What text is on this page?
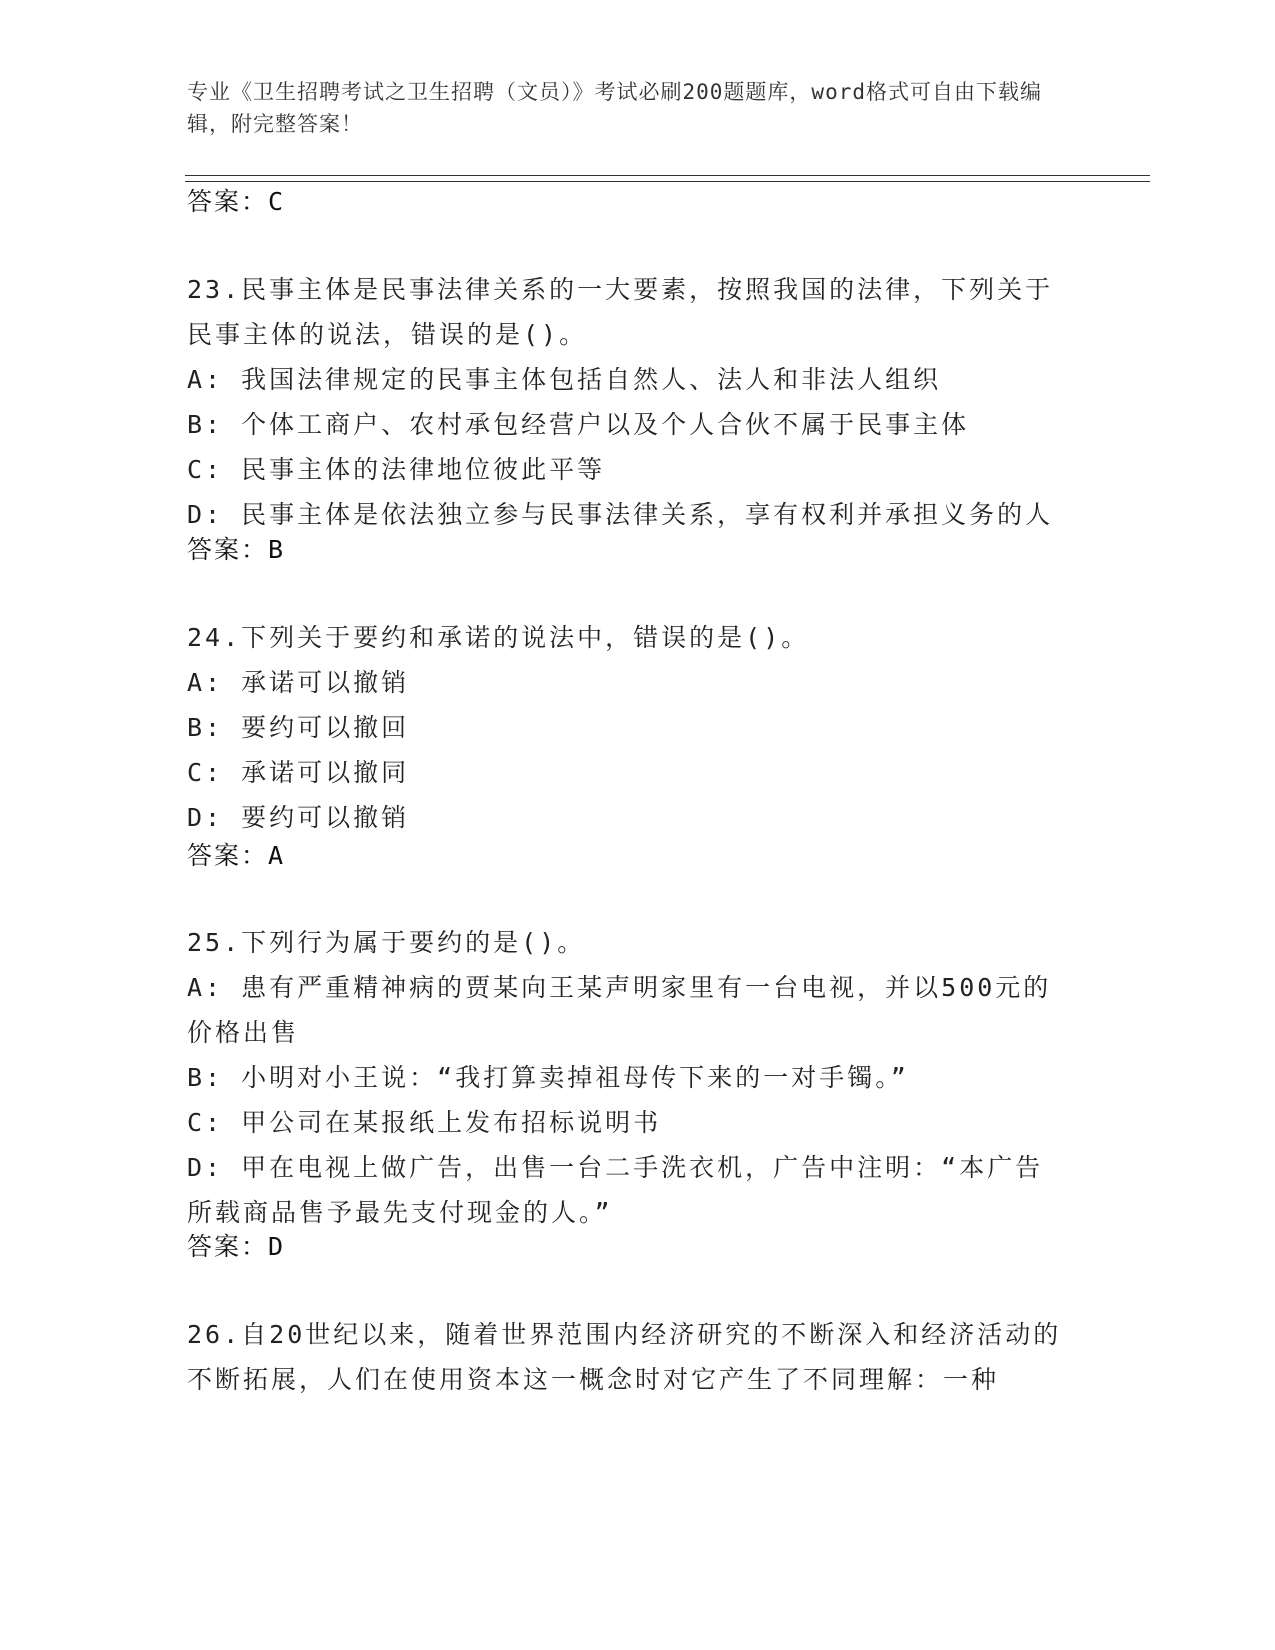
专业《卫生招聘考试之卫生招聘（文员）》考试必刷200题题库，word格式可自由下载编辑，附完整答案！
答案：C
23.民事主体是民事法律关系的一大要素，按照我国的法律，下列关于民事主体的说法，错误的是()。
A: 我国法律规定的民事主体包括自然人、法人和非法人组织
B: 个体工商户、农村承包经营户以及个人合伙不属于民事主体
C: 民事主体的法律地位彼此平等
D: 民事主体是依法独立参与民事法律关系，享有权利并承担义务的人
答案：B
24.下列关于要约和承诺的说法中，错误的是()。
A: 承诺可以撤销
B: 要约可以撤回
C: 承诺可以撤同
D: 要约可以撤销
答案：A
25.下列行为属于要约的是()。
A: 患有严重精神病的贾某向王某声明家里有一台电视，并以500元的价格出售
B: 小明对小王说：“我打算卖掉祖母传下来的一对手镯。”
C: 甲公司在某报纸上发布招标说明书
D: 甲在电视上做广告，出售一台二手洗衣机，广告中注明：“本广告所载商品售予最先支付现金的人。”
答案：D
26.自20世纪以来，随着世界范围内经济研究的不断深入和经济活动的不断拓展，人们在使用资本这一概念时对它产生了不同理解：一种
